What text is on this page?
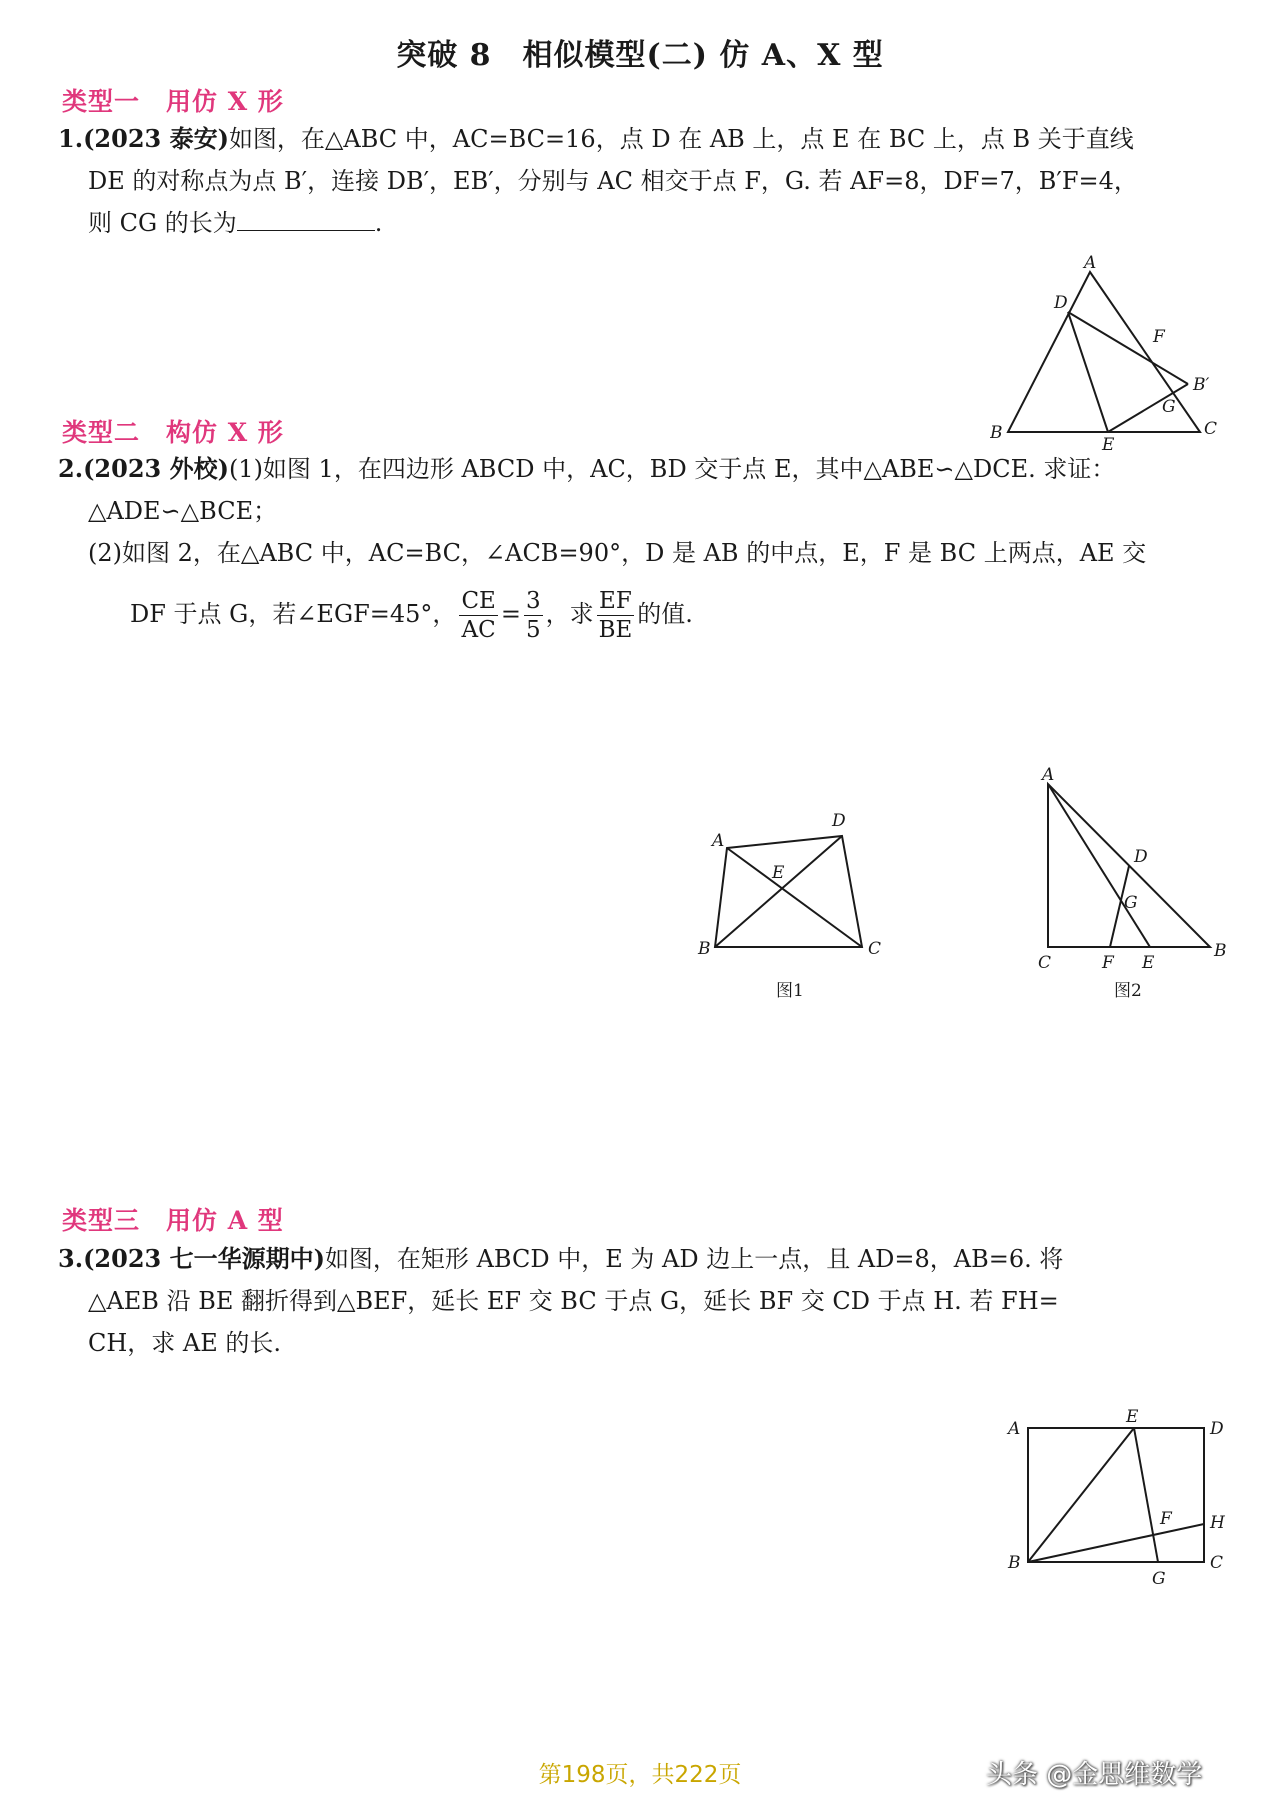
突破 8　相似模型(二) 仿 A、X 型
类型一　用仿 X 形
1.(2023 泰安)如图，在△ABC 中，AC=BC=16，点 D 在 AB 上，点 E 在 BC 上，点 B 关于直线
DE 的对称点为点 B′，连接 DB′，EB′，分别与 AC 相交于点 F，G. 若 AF=8，DF=7，B′F=4，
则 CG 的长为	.
A
D
F
B′
G
B
E
C
类型二　构仿 X 形
2.(2023 外校)(1)如图 1，在四边形 ABCD 中，AC，BD 交于点 E，其中△ABE∽△DCE. 求证：
△ADE∽△BCE；
(2)如图 2，在△ABC 中，AC=BC，∠ACB=90°，D 是 AB 的中点，E，F 是 BC 上两点，AE 交
DF 于点 G，若∠EGF=45°， $\frac{CE}{AC} = \frac{3}{5}$ ，求 $\frac{EF}{BE}$ 的值.
A
D
E
B	C
图1
A
D
G
C	F E
B
图2
类型三　用仿 A 型
3.(2023 七一华源期中)如图，在矩形 ABCD 中，E 为 AD 边上一点，且 AD=8，AB=6. 将
△AEB 沿 BE 翻折得到△BEF，延长 EF 交 BC 于点 G，延长 BF 交 CD 于点 H. 若 FH=
CH，求 AE 的长.
A
E
D
F H
B
G
C
第198页，共222页	头条 @金思维数学
